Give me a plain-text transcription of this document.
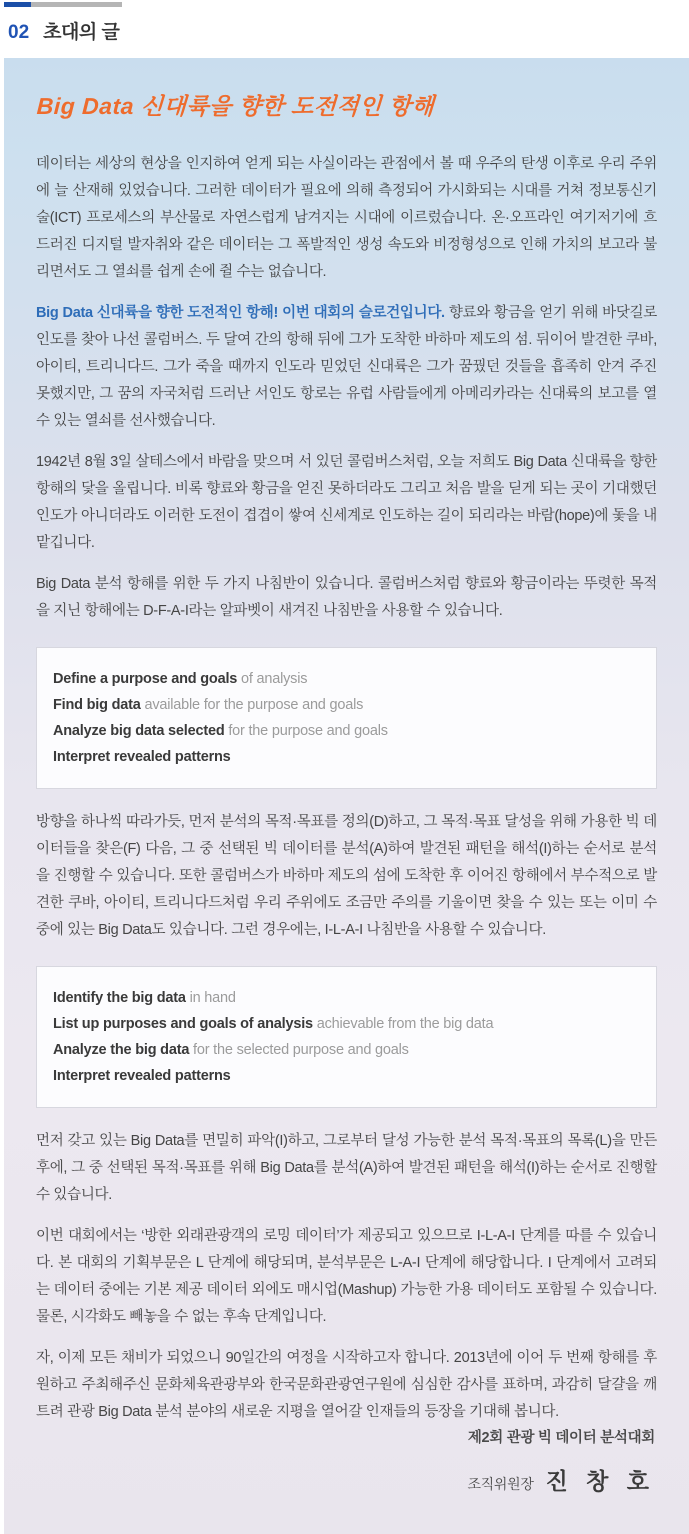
02 초대의 글
Big Data 신대륙을 향한 도전적인 항해

데이터는 세상의 현상을 인지하여 얻게 되는 사실이라는 관점에서 볼 때 우주의 탄생 이후로 우리 주위에 늘 산재해 있었습니다. 그러한 데이터가 필요에 의해 측정되어 가시화되는 시대를 거쳐 정보통신기술(ICT) 프로세스의 부산물로 자연스럽게 남겨지는 시대에 이르렀습니다. 온·오프라인 여기저기에 흐드러진 디지털 발자취와 같은 데이터는 그 폭발적인 생성 속도와 비정형성으로 인해 가치의 보고라 불리면서도 그 열쇠를 쉽게 손에 쥘 수는 없습니다.

Big Data 신대륙을 향한 도전적인 항해! 이번 대회의 슬로건입니다. 향료와 황금을 얻기 위해 바닷길로 인도를 찾아 나선 콜럼버스. 두 달여 간의 항해 뒤에 그가 도착한 바하마 제도의 섬. 뒤이어 발견한 쿠바, 아이티, 트리니다드. 그가 죽을 때까지 인도라 믿었던 신대륙은 그가 꿈꿨던 것들을 흡족히 안겨 주진 못했지만, 그 꿈의 자국처럼 드러난 서인도 항로는 유럽 사람들에게 아메리카라는 신대륙의 보고를 열 수 있는 열쇠를 선사했습니다.

1942년 8월 3일 살테스에서 바람을 맞으며 서 있던 콜럼버스처럼, 오늘 저희도 Big Data 신대륙을 향한 항해의 닻을 올립니다. 비록 향료와 황금을 얻진 못하더라도 그리고 처음 발을 딛게 되는 곳이 기대했던 인도가 아니더라도 이러한 도전이 겹겹이 쌓여 신세계로 인도하는 길이 되리라는 바람(hope)에 돛을 내맡깁니다.

Big Data 분석 항해를 위한 두 가지 나침반이 있습니다. 콜럼버스처럼 향료와 황금이라는 뚜렷한 목적을 지닌 항해에는 D-F-A-I라는 알파벳이 새겨진 나침반을 사용할 수 있습니다.

Define a purpose and goals of analysis
Find big data available for the purpose and goals
Analyze big data selected for the purpose and goals
Interpret revealed patterns

방향을 하나씩 따라가듯, 먼저 분석의 목적·목표를 정의(D)하고, 그 목적·목표 달성을 위해 가용한 빅 데이터들을 찾은(F) 다음, 그 중 선택된 빅 데이터를 분석(A)하여 발견된 패턴을 해석(I)하는 순서로 분석을 진행할 수 있습니다. 또한 콜럼버스가 바하마 제도의 섬에 도착한 후 이어진 항해에서 부수적으로 발견한 쿠바, 아이티, 트리니다드처럼 우리 주위에도 조금만 주의를 기울이면 찾을 수 있는 또는 이미 수중에 있는 Big Data도 있습니다. 그런 경우에는, I-L-A-I 나침반을 사용할 수 있습니다.

Identify the big data in hand
List up purposes and goals of analysis achievable from the big data
Analyze the big data for the selected purpose and goals
Interpret revealed patterns

먼저 갖고 있는 Big Data를 면밀히 파악(I)하고, 그로부터 달성 가능한 분석 목적·목표의 목록(L)을 만든 후에, 그 중 선택된 목적·목표를 위해 Big Data를 분석(A)하여 발견된 패턴을 해석(I)하는 순서로 진행할 수 있습니다.

이번 대회에서는 ‘방한 외래관광객의 로밍 데이터’가 제공되고 있으므로 I-L-A-I 단계를 따를 수 있습니다. 본 대회의 기획부문은 L 단계에 해당되며, 분석부문은 L-A-I 단계에 해당합니다. I 단계에서 고려되는 데이터 중에는 기본 제공 데이터 외에도 매시업(Mashup) 가능한 가용 데이터도 포함될 수 있습니다. 물론, 시각화도 빼놓을 수 없는 후속 단계입니다.

자, 이제 모든 채비가 되었으니 90일간의 여정을 시작하고자 합니다. 2013년에 이어 두 번째 항해를 후원하고 주최해주신 문화체육관광부와 한국문화관광연구원에 심심한 감사를 표하며, 과감히 달걀을 깨트려 관광 Big Data 분석 분야의 새로운 지평을 열어갈 인재들의 등장을 기대해 봅니다.

제2회 관광 빅 데이터 분석대회
조직위원장 진 창 호
